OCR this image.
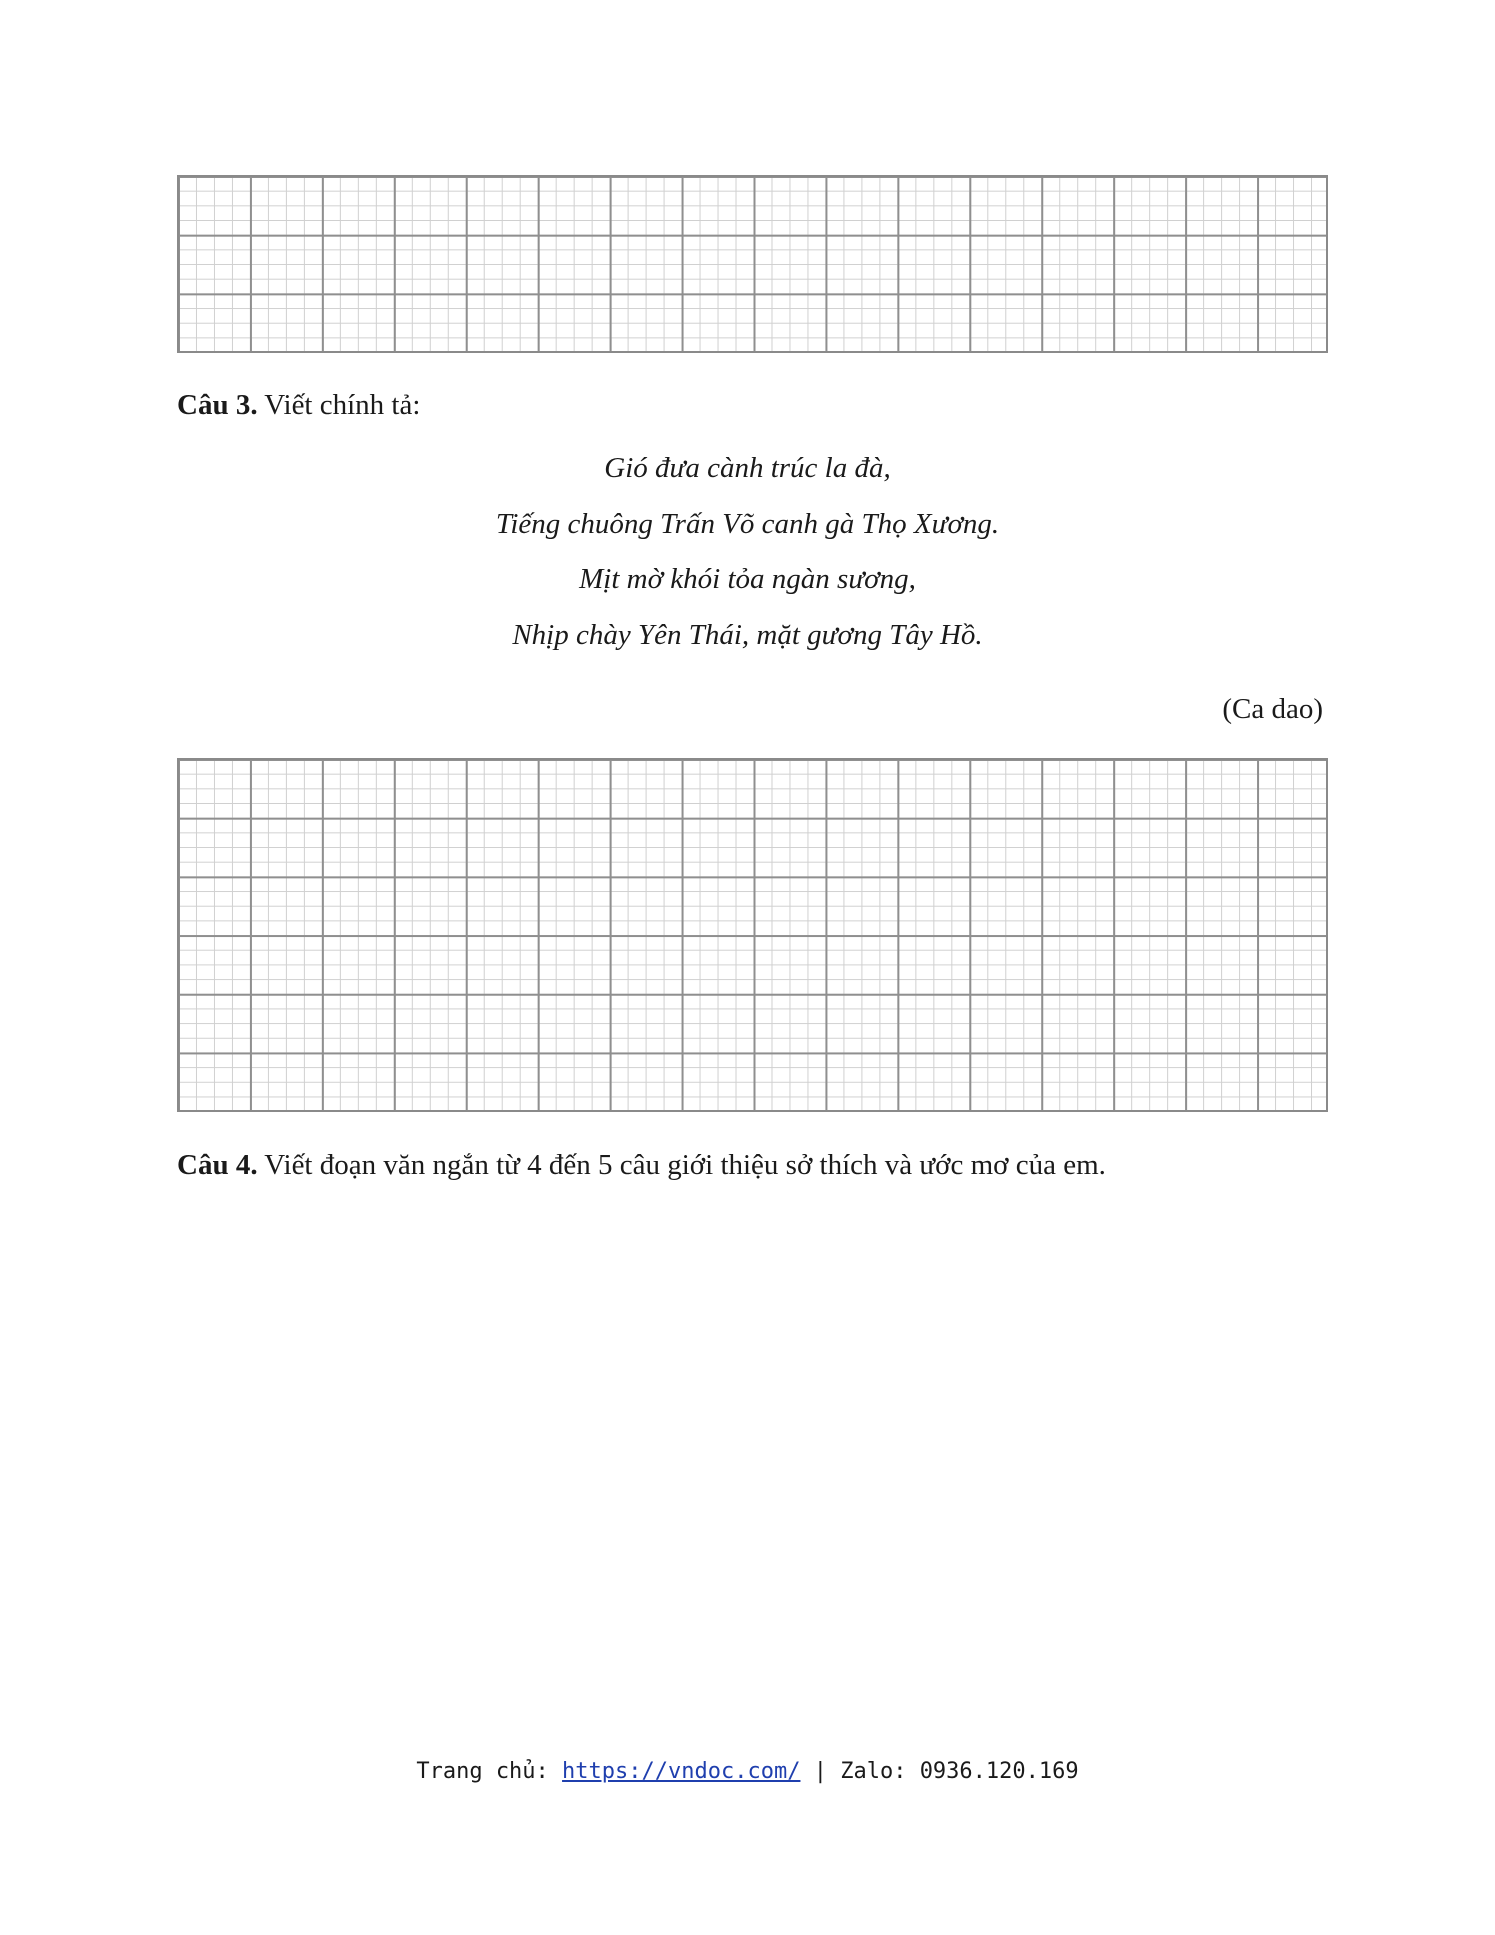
Câu 3. Viết chính tả:
Gió đưa cành trúc la đà,
Tiếng chuông Trấn Võ canh gà Thọ Xương.
Mịt mờ khói tỏa ngàn sương,
Nhịp chày Yên Thái, mặt gương Tây Hồ.
(Ca dao)
Câu 4. Viết đoạn văn ngắn từ 4 đến 5 câu giới thiệu sở thích và ước mơ của em.
Trang chủ: https://vndoc.com/ | Zalo: 0936.120.169
